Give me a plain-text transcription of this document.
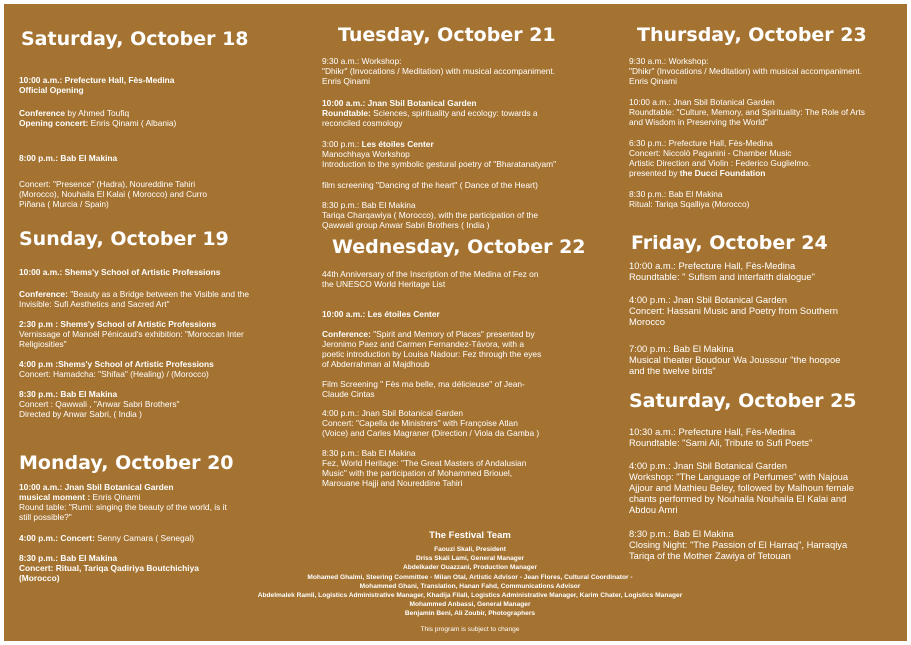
Saturday, October 18
10:00 a.m.: Prefecture Hall, Fès-Medina
Official Opening
Conference by Ahmed Toufiq
Opening concert: Enris Qinami ( Albania)
8:00 p.m.: Bab El Makina
Concert: "Presence" (Hadra), Noureddine Tahiri
(Morocco), Nouhaila El Kalai ( Morocco) and Curro
Piñana ( Murcia / Spain)
Sunday, October 19
10:00 a.m.: Shems'y School of Artistic Professions
Conference: "Beauty as a Bridge between the Visible and the
Invisible: Sufi Aesthetics and Sacred Art"
2:30 p.m : Shems'y School of Artistic Professions
Vernissage of Manoël Pénicaud's exhibition: "Moroccan Inter
Religiosities"
4:00 p.m :Shems'y School of Artistic Professions
Concert: Hamadcha: "Shifaa" (Healing) / (Morocco)
8:30 p.m.: Bab El Makina
Concert : Qawwali , "Anwar Sabri Brothers"
Directed by Anwar Sabri, ( India )
Monday, October 20
10:00 a.m.: Jnan Sbil Botanical Garden
musical moment : Enris Qinami
Round table: "Rumi: singing the beauty of the world, is it
still possible?"
4:00 p.m.: Concert: Senny Camara ( Senegal)
8:30 p.m.: Bab El Makina
Concert: Ritual, Tariqa Qadiriya Boutchichiya
(Morocco)
Tuesday, October 21
9:30 a.m.: Workshop:
"Dhikr" (Invocations / Meditation) with musical accompaniment.
Enris Qinami
10:00 a.m.: Jnan Sbil Botanical Garden
Roundtable: Sciences, spirituality and ecology: towards a
reconciled cosmology
3:00 p.m.: Les étoiles Center
Manochhaya Workshop
Introduction to the symbolic gestural poetry of "Bharatanatyam"
film screening "Dancing of the heart" ( Dance of the Heart)
8:30 p.m.: Bab El Makina
Tariqa Charqawiya ( Morocco), with the participation of the
Qawwali group Anwar Sabri Brothers ( India )
Wednesday, October 22
44th Anniversary of the Inscription of the Medina of Fez on
the UNESCO World Heritage List
10:00 a.m.: Les étoiles Center
Conference: "Spirit and Memory of Places" presented by
Jeronimo Paez and Carmen Fernandez-Távora, with a
poetic introduction by Louisa Nadour: Fez through the eyes
of Abderrahman al Majdhoub
Film Screening " Fès ma belle, ma délicieuse" of Jean-
Claude Cintas
4:00 p.m.: Jnan Sbil Botanical Garden
Concert: "Capella de Ministrers" with Françoise Atlan
(Voice) and Carles Magraner (Direction / Viola da Gamba )
8:30 p.m.: Bab El Makina
Fez, World Heritage: "The Great Masters of Andalusian
Music" with the participation of Mohammed Briouel,
Marouane Hajji and Noureddine Tahiri
Thursday, October 23
9:30 a.m.: Workshop:
"Dhikr" (Invocations / Meditation) with musical accompaniment.
Enris Qinami
10:00 a.m.: Jnan Sbil Botanical Garden
Roundtable: "Culture, Memory, and Spirituality: The Role of Arts
and Wisdom in Preserving the World"
6:30 p.m.: Prefecture Hall, Fès-Medina
Concert: Niccolò Paganini - Chamber Music
Artistic Direction and Violin : Federico Guglielmo.
presented by the Ducci Foundation
8:30 p.m.: Bab El Makina
Ritual: Tariqa Sqalliya (Morocco)
Friday, October 24
10:00 a.m.: Prefecture Hall, Fès-Medina
Roundtable: " Sufism and interfaith dialogue"
4:00 p.m.: Jnan Sbil Botanical Garden
Concert: Hassani Music and Poetry from Southern
Morocco
7:00 p.m.: Bab El Makina
Musical theater Boudour Wa Joussour "the hoopoe
and the twelve birds"
Saturday, October 25
10:30 a.m.: Prefecture Hall, Fès-Medina
Roundtable: "Sami Ali, Tribute to Sufi Poets"
4:00 p.m.: Jnan Sbil Botanical Garden
Workshop: "The Language of Perfumes" with Najoua
Ajjour and Mathieu Beley, followed by Malhoun female
chants performed by Nouhaila Nouhaila El Kalai and
Abdou Amri
8:30 p.m.: Bab El Makina
Closing Night: "The Passion of El Harraq", Harraqiya
Tariqa of the Mother Zawiya of Tetouan
The Festival Team
Faouzi Skali, President
Driss Skali Lami, General Manager
Abdelkader Ouazzani, Production Manager
Mohamed Ghalmi, Steering Committee - Milan Otal, Artistic Advisor - Jean Flores, Cultural Coordinator -
Mohammed Ghani, Translation, Hanan Fahd, Communications Advisor
Abdelmalek Ramli, Logistics Administrative Manager, Khadija Filali, Logistics Administrative Manager, Karim Chater, Logistics Manager
Mohammed Anbassi, General Manager
Benjamin Beni, Ali Zoubir, Photographers
This program is subject to change
